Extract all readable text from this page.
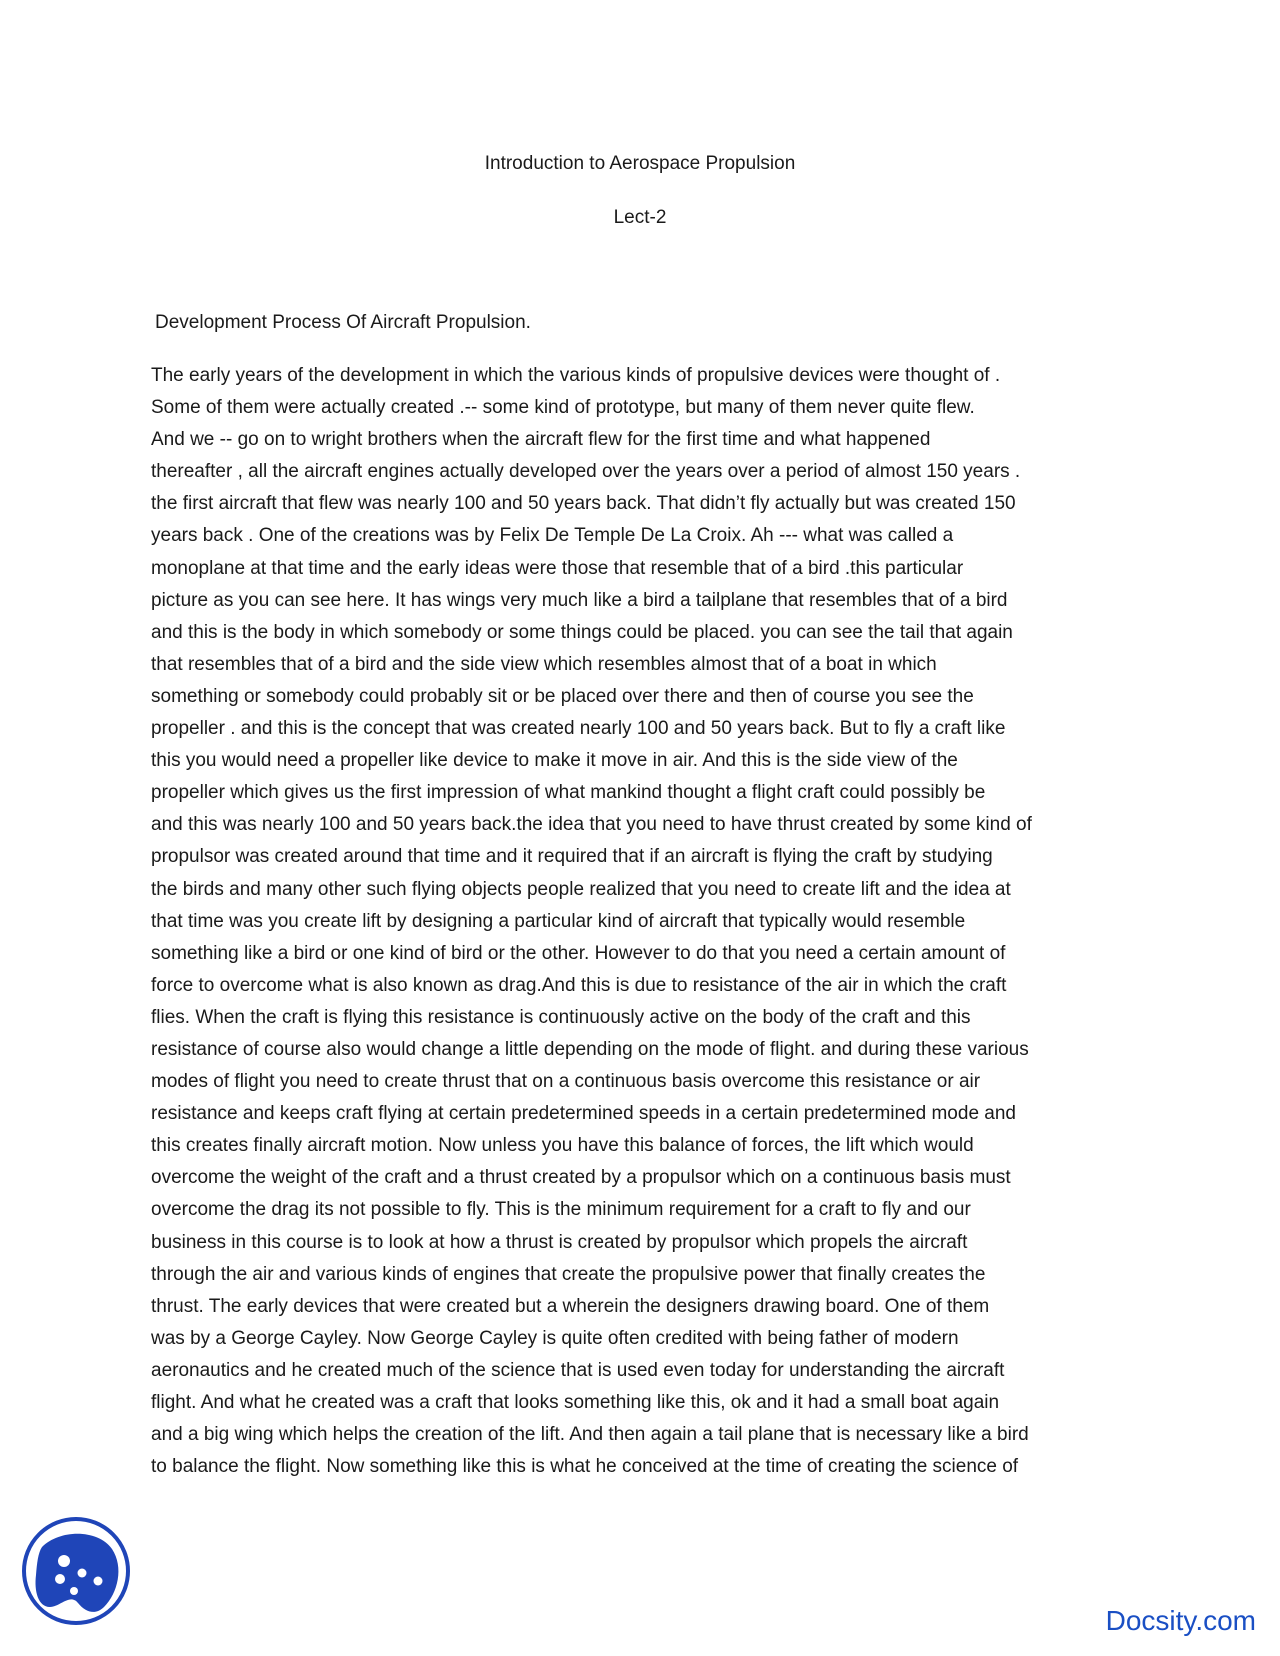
Introduction to Aerospace Propulsion
Lect-2
Development Process Of Aircraft Propulsion.
The early years of the development in which the various kinds of propulsive devices were thought of .
Some of them were actually created .-- some kind of prototype, but many of them never quite flew.
And we -- go on to wright brothers when the aircraft flew for the first time and what happened
thereafter , all the aircraft engines actually developed over the years over a period of almost 150 years .
the first aircraft that flew was nearly 100 and 50 years back. That didn’t fly actually but was created 150
years back . One of the creations was by Felix De Temple De La Croix. Ah --- what was called a
monoplane at that time and the early ideas were those that resemble that of a bird .this particular
picture as you can see here. It has wings very much like a bird a tailplane that resembles that of a bird
and this is the body in which somebody or some things could be placed. you can see the tail that again
that resembles that of a bird and the side view which resembles almost that of a boat in which
something or somebody could probably sit or be placed over there and then of course you see the
propeller . and this is the concept that was created nearly 100 and 50 years back. But to fly a craft like
this you would need a propeller like device to make it move in air. And this is the side view of the
propeller which gives us the first impression of what mankind thought a flight craft could possibly be
and this was nearly 100 and 50 years back.the idea that you need to have thrust created by some kind of
propulsor was created around that time and it required that if an aircraft is flying the craft by studying
the birds and many other such flying objects people realized that you need to create lift and the idea at
that time was you create lift by designing a particular kind of aircraft that typically would resemble
something like a bird or one kind of bird or the other. However to do that you need a certain amount of
force to overcome what is also known as drag.And this is due to resistance of the air in which the craft
flies. When the craft is flying this resistance is continuously active on the body of the craft and this
resistance of course also would change a little depending on the mode of flight. and during these various
modes of flight you need to create thrust that on a continuous basis overcome this resistance or air
resistance and keeps craft flying at certain predetermined speeds in a certain predetermined mode and
this creates finally aircraft motion. Now unless you have this balance of forces, the lift which would
overcome the weight of the craft and a thrust created by a propulsor which on a continuous basis must
overcome the drag its not possible to fly. This is the minimum requirement for a craft to fly and our
business in this course is to look at how a thrust is created by propulsor which propels the aircraft
through the air and various kinds of engines that create the propulsive power that finally creates the
thrust. The early devices that were created but a wherein the designers drawing board. One of them
was by a George Cayley. Now George Cayley is quite often credited with being father of modern
aeronautics and he created much of the science that is used even today for understanding the aircraft
flight. And what he created was a craft that looks something like this, ok and it had a small boat again
and a big wing which helps the creation of the lift. And then again a tail plane that is necessary like a bird
to balance the flight. Now something like this is what he conceived at the time of creating the science of
Docsity.com
